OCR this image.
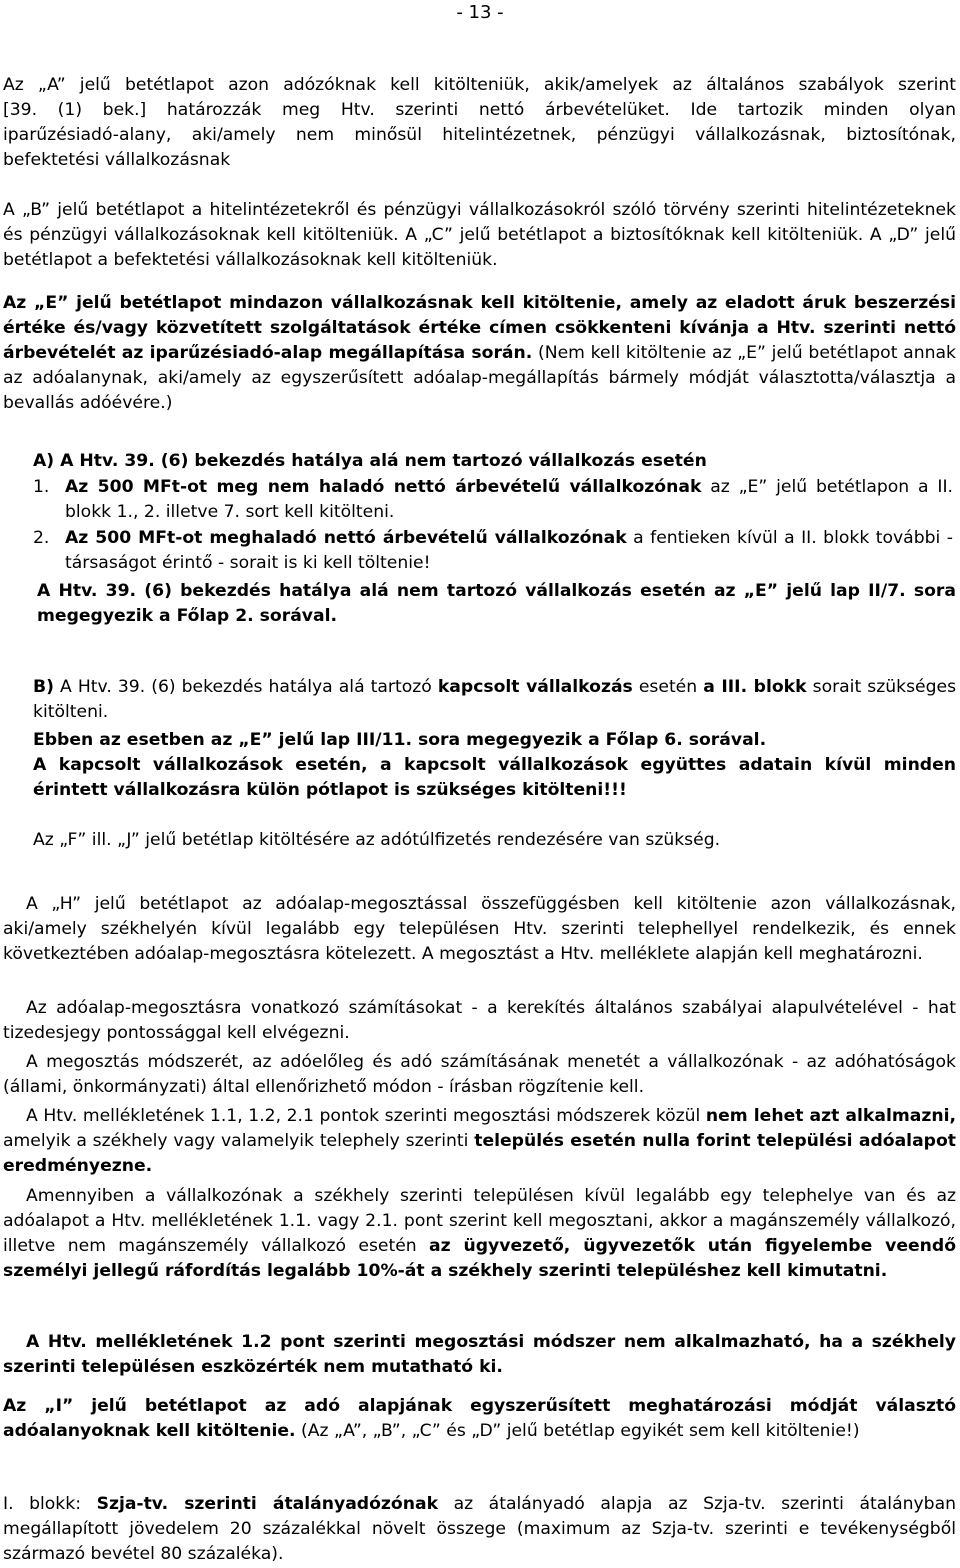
- 13 -
Az „A” jelű betétlapot azon adózóknak kell kitölteniük, akik/amelyek az általános szabályok szerint
[39. (1) bek.] határozzák meg Htv. szerinti nettó árbevételüket. Ide tartozik minden olyan
iparűzésiadó-alany, aki/amely nem minősül hitelintézetnek, pénzügyi vállalkozásnak, biztosítónak,
befektetési vállalkozásnak
A „B” jelű betétlapot a hitelintézetekről és pénzügyi vállalkozásokról szóló törvény szerinti hitelintézeteknek és pénzügyi vállalkozásoknak kell kitölteniük. A „C” jelű betétlapot a biztosítóknak kell kitölteniük. A „D” jelű betétlapot a befektetési vállalkozásoknak kell kitölteniük.
Az „E” jelű betétlapot mindazon vállalkozásnak kell kitöltenie, amely az eladott áruk beszerzési értéke és/vagy közvetített szolgáltatások értéke címen csökkenteni kívánja a Htv. szerinti nettó árbevételét az iparűzésiadó-alap megállapítása során. (Nem kell kitöltenie az „E” jelű betétlapot annak az adóalanynak, aki/amely az egyszerűsített adóalap-megállapítás bármely módját választotta/választja a bevallás adóévére.)
A) A Htv. 39. (6) bekezdés hatálya alá nem tartozó vállalkozás esetén
1. Az 500 MFt-ot meg nem haladó nettó árbevételű vállalkozónak az „E” jelű betétlapon a II. blokk 1., 2. illetve 7. sort kell kitölteni.
2. Az 500 MFt-ot meghaladó nettó árbevételű vállalkozónak a fentieken kívül a II. blokk további - társaságot érintő - sorait is ki kell töltenie!
A Htv. 39. (6) bekezdés hatálya alá nem tartozó vállalkozás esetén az „E” jelű lap II/7. sora megegyezik a Főlap 2. sorával.
B) A Htv. 39. (6) bekezdés hatálya alá tartozó kapcsolt vállalkozás esetén a III. blokk sorait szükséges kitölteni.
Ebben az esetben az „E” jelű lap III/11. sora megegyezik a Főlap 6. sorával.
A kapcsolt vállalkozások esetén, a kapcsolt vállalkozások együttes adatain kívül minden érintett vállalkozásra külön pótlapot is szükséges kitölteni!!!
Az „F” ill. „J” jelű betétlap kitöltésére az adótúlfizetés rendezésére van szükség.
A „H” jelű betétlapot az adóalap-megosztással összefüggésben kell kitöltenie azon vállalkozásnak, aki/amely székhelyén kívül legalább egy településen Htv. szerinti telephellyel rendelkezik, és ennek következtében adóalap-megosztásra kötelezett. A megosztást a Htv. melléklete alapján kell meghatározni.
Az adóalap-megosztásra vonatkozó számításokat - a kerekítés általános szabályai alapulvételével - hat tizedesjegy pontossággal kell elvégezni.
A megosztás módszerét, az adóelőleg és adó számításának menetét a vállalkozónak - az adóhatóságok (állami, önkormányzati) által ellenőrizhető módon - írásban rögzítenie kell.
A Htv. mellékletének 1.1, 1.2, 2.1 pontok szerinti megosztási módszerek közül nem lehet azt alkalmazni, amelyik a székhely vagy valamelyik telephely szerinti település esetén nulla forint települési adóalapot eredményezne.
Amennyiben a vállalkozónak a székhely szerinti településen kívül legalább egy telephelye van és az adóalapot a Htv. mellékletének 1.1. vagy 2.1. pont szerint kell megosztani, akkor a magánszemély vállalkozó, illetve nem magánszemély vállalkozó esetén az ügyvezető, ügyvezetők után figyelembe veendő személyi jellegű ráfordítás legalább 10%-át a székhely szerinti településhez kell kimutatni.
A Htv. mellékletének 1.2 pont szerinti megosztási módszer nem alkalmazható, ha a székhely szerinti településen eszközérték nem mutatható ki.
Az „I” jelű betétlapot az adó alapjának egyszerűsített meghatározási módját választó adóalanyoknak kell kitöltenie. (Az „A”, „B”, „C” és „D” jelű betétlap egyikét sem kell kitöltenie!)
I. blokk: Szja-tv. szerinti átalányadózónak az átalányadó alapja az Szja-tv. szerinti átalányban megállapított jövedelem 20 százalékkal növelt összege (maximum az Szja-tv. szerinti e tevékenységből származó bevétel 80 százaléka).
